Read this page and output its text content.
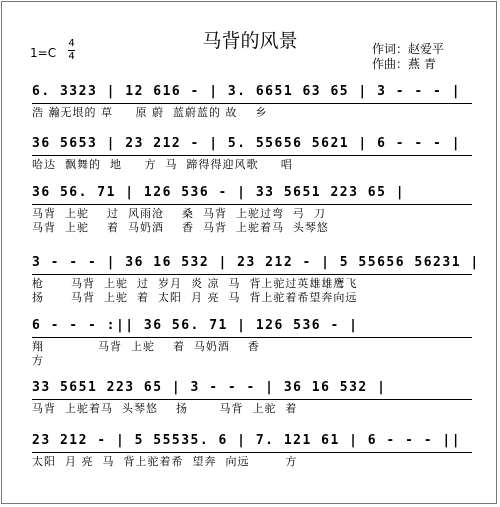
马背的风景
1=C
4
4
作词：赵爱平
作曲：燕 青
6. 3323 | 12 616 - | 3. 6651 63 65 | 3 - - - |
浩 瀚无垠的 草     原 蔚  蓝蔚蓝的 故    乡
36 5653 | 23 212 - | 5. 55656 5621 | 6 - - - |
哈达  飘舞的  地     方  马  蹄得得迎风歌     唱
36 56. 71 | 126 536 - | 33 5651 223 65 |
马背  上驼    过  风雨沧    桑  马背  上驼过弯  弓  刀
马背  上驼    着  马奶酒    香  马背  上驼着马  头琴悠
3 - - - | 36 16 532 | 23 212 - | 5 55656 56231 |
枪      马背  上驼  过  岁月  炎 凉  马  背上驼过英雄雄鹰飞
扬      马背  上驼  着  太阳  月 亮  马  背上驼着希望奔向远
6 - - - :|| 36 56. 71 | 126 536 - |
翔            马背  上驼    着  马奶酒    香
方
33 5651 223 65 | 3 - - - | 36 16 532 |
马背  上驼着马  头琴悠    扬       马背  上驼  着
23 212 - | 5 55535. 6 | 7. 121 61 | 6 - - - ||
太阳  月 亮  马  背上驼着希  望奔  向远        方
